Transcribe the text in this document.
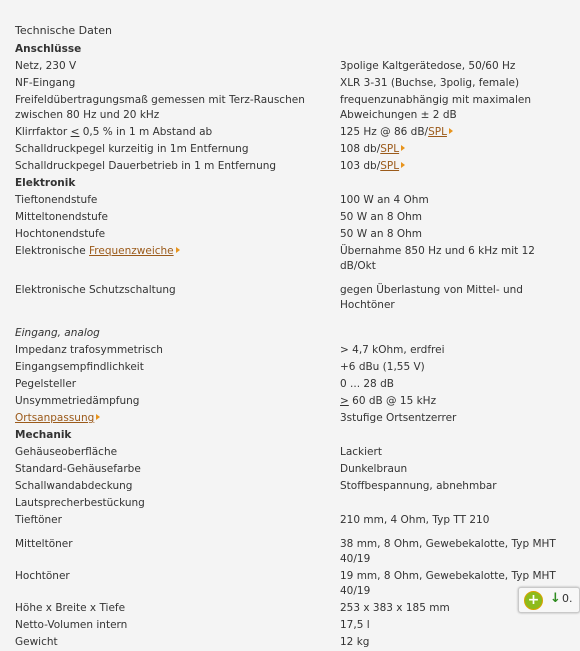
Technische Daten
Anschlüsse	
Netz, 230 V	3polige Kaltgerätedose, 50/60 Hz
NF-Eingang	XLR 3-31 (Buchse, 3polig, female)
Freifeldübertragungsmaß gemessen mit Terz-Rauschen zwischen 80 Hz und 20 kHz	frequenzunabhängig mit maximalen Abweichungen ± 2 dB
Klirrfaktor < 0,5 % in 1 m Abstand ab	125 Hz @ 86 dB/SPL
Schalldruckpegel kurzeitig in 1m Entfernung	108 db/SPL
Schalldruckpegel Dauerbetrieb in 1 m Entfernung	103 db/SPL
Elektronik	
Tieftonendstufe	100 W an 4 Ohm
Mitteltonendstufe	50 W an 8 Ohm
Hochtonendstufe	50 W an 8 Ohm
Elektronische Frequenzweiche	Übernahme 850 Hz und 6 kHz mit 12 dB/Okt
Elektronische Schutzschaltung	gegen Überlastung von Mittel- und Hochtöner
Eingang, analog	
Impedanz trafosymmetrisch	> 4,7 kOhm, erdfrei
Eingangsempfindlichkeit	+6 dBu (1,55 V)
Pegelsteller	0 ... 28 dB
Unsymmetriedämpfung	> 60 dB @ 15 kHz
Ortsanpassung	3stufige Ortsentzerrer
Mechanik	
Gehäuseoberfläche	Lackiert
Standard-Gehäusefarbe	Dunkelbraun
Schallwandabdeckung	Stoffbespannung, abnehmbar
Lautsprecherbestückung	
Tieftöner	210 mm, 4 Ohm, Typ TT 210
Mitteltöner	38 mm, 8 Ohm, Gewebekalotte, Typ MHT 40/19
Hochtöner	19 mm, 8 Ohm, Gewebekalotte, Typ MHT 40/19
Höhe x Breite x Tiefe	253 x 383 x 185 mm
Netto-Volumen intern	17,5 l
Gewicht	12 kg
+ ↓ 0.
